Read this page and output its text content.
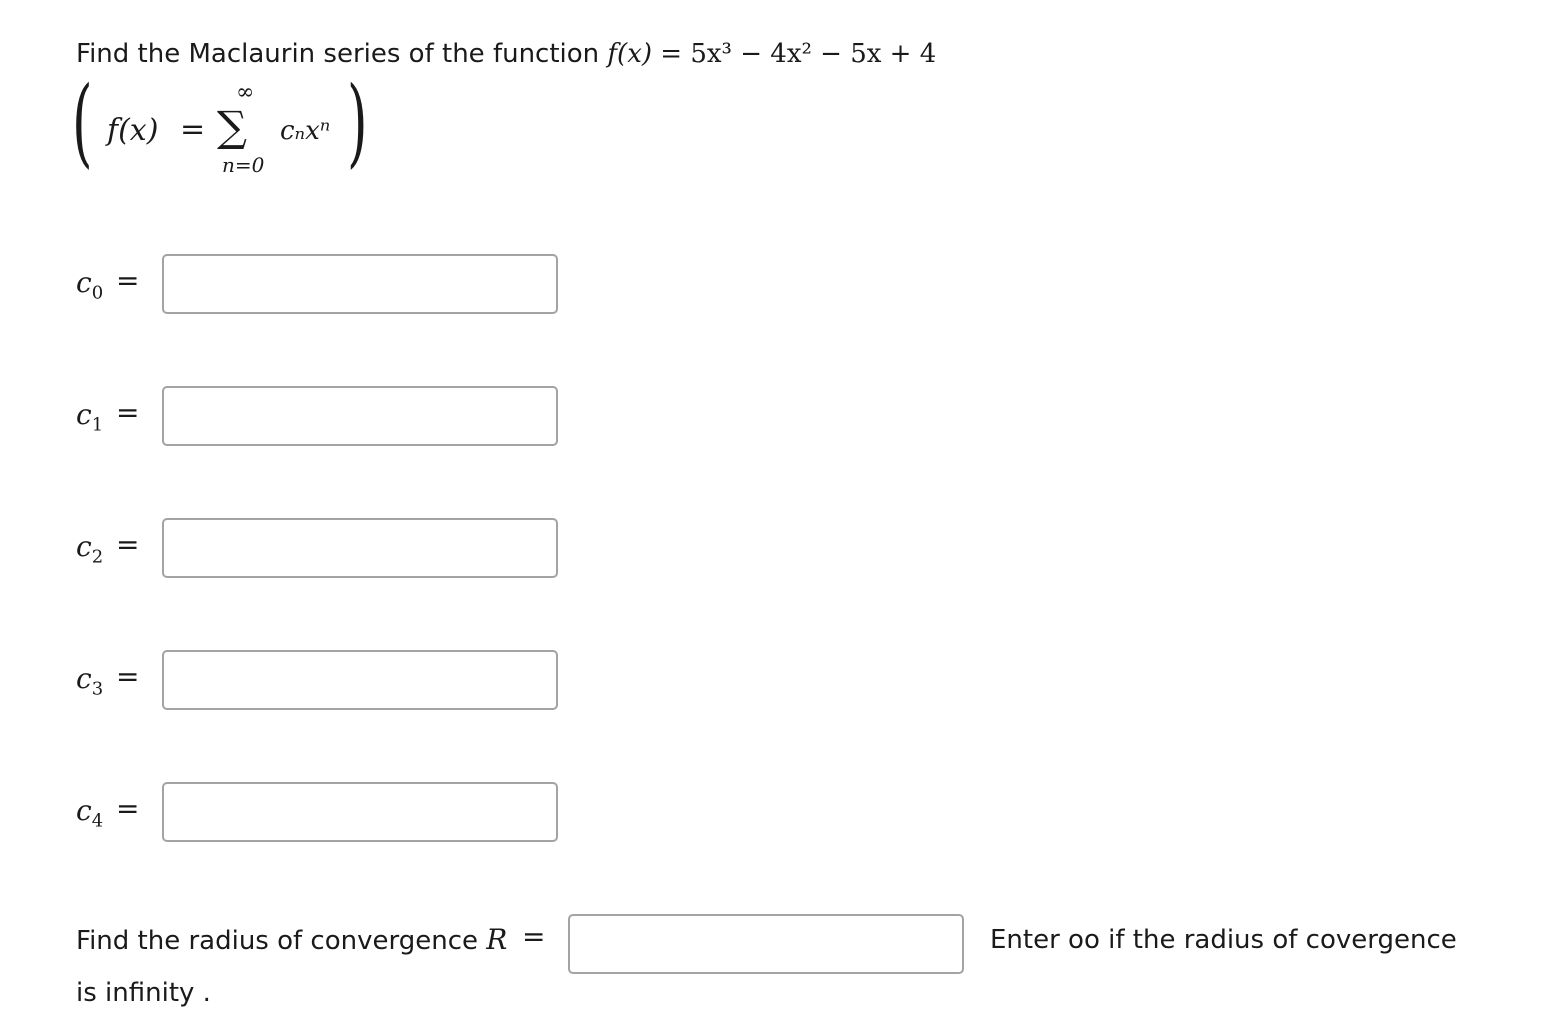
Find the Maclaurin series of the function f(x) = 5x³ − 4x² − 5x + 4
( f(x) =
∞
∑
n=0
cₙxⁿ )
$c_0$ =
$c_1$ =
$c_2$ =
$c_3$ =
$c_4$ =
Find the radius of convergence R =	Enter oo if the radius of covergence
is infinity .
